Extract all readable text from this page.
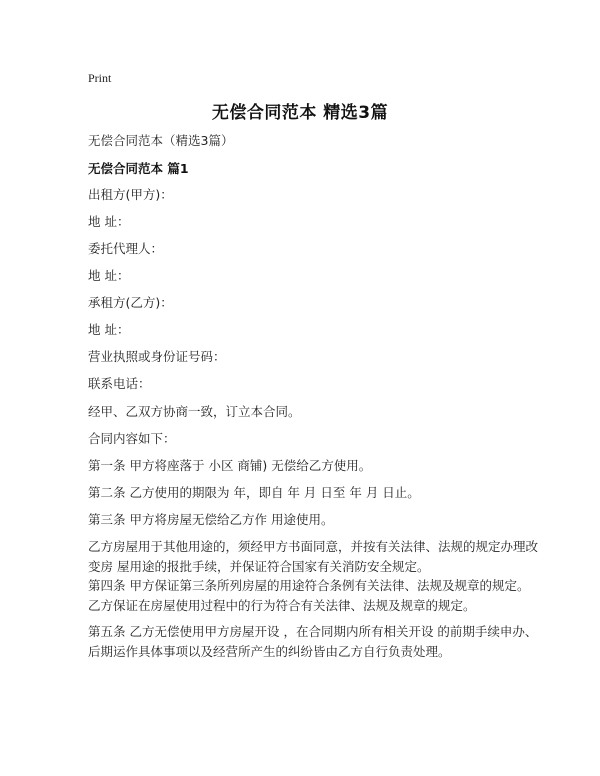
Print
无偿合同范本 精选3篇
无偿合同范本（精选3篇）
无偿合同范本 篇1
出租方(甲方)：
地 址：
委托代理人：
地 址：
承租方(乙方)：
地 址：
营业执照或身份证号码：
联系电话：
经甲、乙双方协商一致，订立本合同。
合同内容如下：
第一条 甲方将座落于 小区 商铺) 无偿给乙方使用。
第二条 乙方使用的期限为 年，即自 年 月 日至 年 月 日止。
第三条 甲方将房屋无偿给乙方作 用途使用。
乙方房屋用于其他用途的，须经甲方书面同意，并按有关法律、法规的规定办理改
变房 屋用途的报批手续，并保证符合国家有关消防安全规定。
第四条 甲方保证第三条所列房屋的用途符合条例有关法律、法规及规章的规定。
乙方保证在房屋使用过程中的行为符合有关法律、法规及规章的规定。
第五条 乙方无偿使用甲方房屋开设 ，在合同期内所有相关开设 的前期手续申办、
后期运作具体事项以及经营所产生的纠纷皆由乙方自行负责处理。
